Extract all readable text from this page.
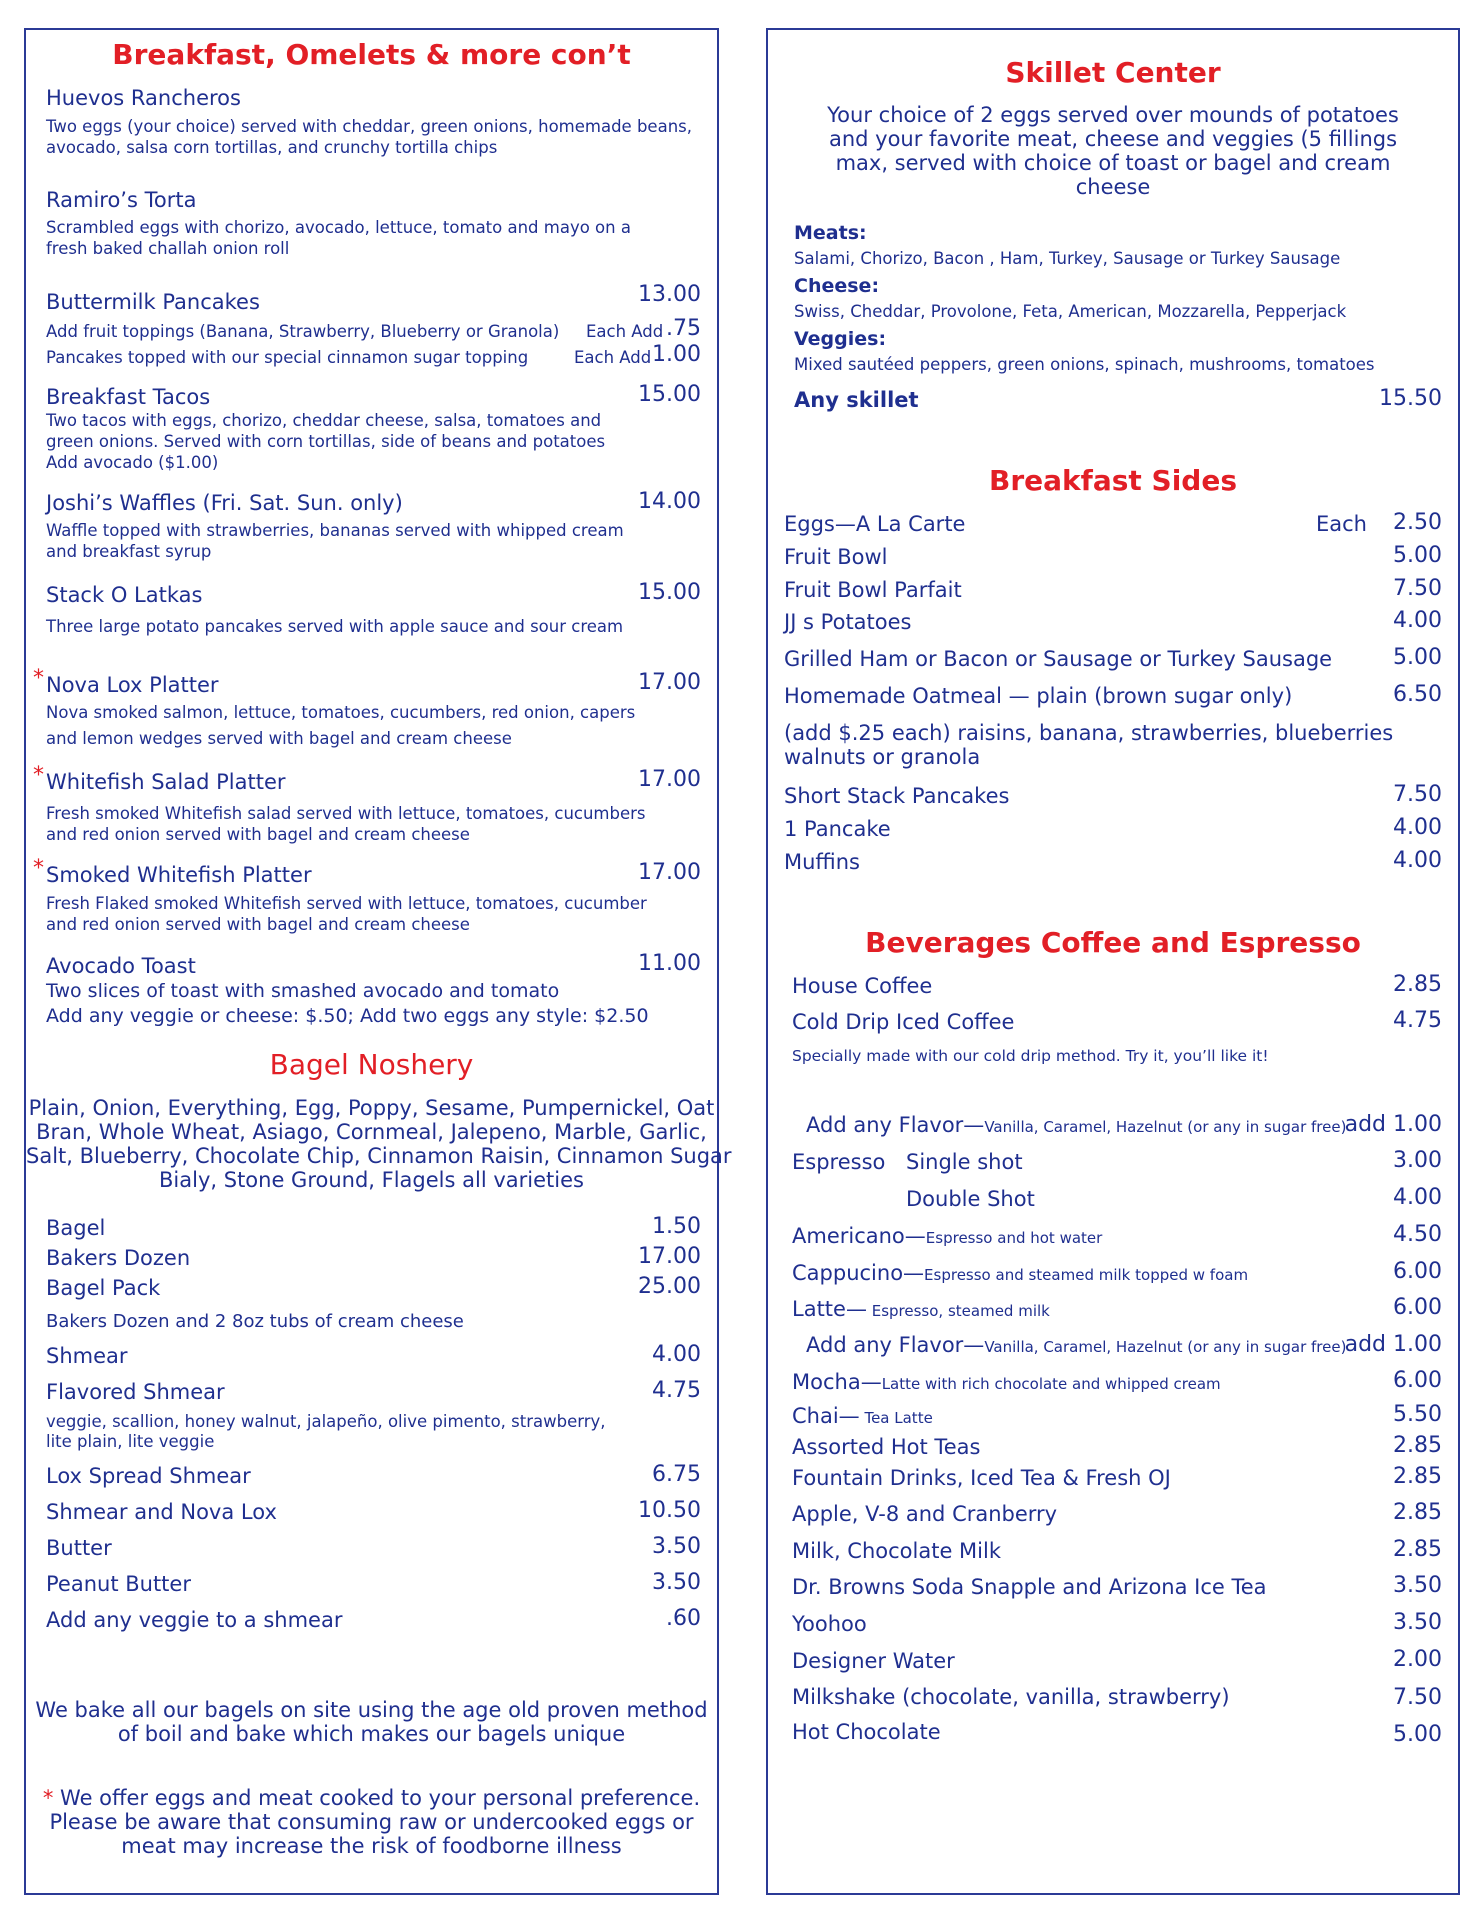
Breakfast, Omelets & more con’t
Huevos Rancheros
Two eggs (your choice) served with cheddar, green onions, homemade beans,
avocado, salsa corn tortillas, and crunchy tortilla chips
Ramiro’s Torta
Scrambled eggs with chorizo, avocado, lettuce, tomato and mayo on a
fresh baked challah onion roll
Buttermilk Pancakes	13.00
Add fruit toppings (Banana, Strawberry, Blueberry or Granola) Each Add .75
Pancakes topped with our special cinnamon sugar topping	Each Add 1.00
Breakfast Tacos	15.00
Two tacos with eggs, chorizo, cheddar cheese, salsa, tomatoes and
green onions. Served with corn tortillas, side of beans and potatoes
Add avocado ($1.00)
Joshi’s Waffles (Fri. Sat. Sun. only)	14.00
Waffle topped with strawberries, bananas served with whipped cream
and breakfast syrup
Stack O Latkas	15.00
Three large potato pancakes served with apple sauce and sour cream
* Nova Lox Platter	17.00
Nova smoked salmon, lettuce, tomatoes, cucumbers, red onion, capers
and lemon wedges served with bagel and cream cheese
* Whitefish Salad Platter	17.00
Fresh smoked Whitefish salad served with lettuce, tomatoes, cucumbers
and red onion served with bagel and cream cheese
* Smoked Whitefish Platter	17.00
Fresh Flaked smoked Whitefish served with lettuce, tomatoes, cucumber
and red onion served with bagel and cream cheese
Avocado Toast	11.00
Two slices of toast with smashed avocado and tomato
Add any veggie or cheese: $.50; Add two eggs any style: $2.50
Bagel Noshery
Plain, Onion, Everything, Egg, Poppy, Sesame, Pumpernickel, Oat
Bran, Whole Wheat, Asiago, Cornmeal, Jalepeno, Marble, Garlic,
Salt, Blueberry, Chocolate Chip, Cinnamon Raisin, Cinnamon Sugar
Bialy, Stone Ground, Flagels all varieties
Bagel	1.50
Bakers Dozen	17.00
Bagel Pack	25.00
Bakers Dozen and 2 8oz tubs of cream cheese
Shmear	4.00
Flavored Shmear	4.75
veggie, scallion, honey walnut, jalapeño, olive pimento, strawberry,
lite plain, lite veggie
Lox Spread Shmear	6.75
Shmear and Nova Lox	10.50
Butter	3.50
Peanut Butter	3.50
Add any veggie to a shmear	.60
We bake all our bagels on site using the age old proven method
of boil and bake which makes our bagels unique
* We offer eggs and meat cooked to your personal preference.
Please be aware that consuming raw or undercooked eggs or
meat may increase the risk of foodborne illness
Skillet Center
Your choice of 2 eggs served over mounds of potatoes
and your favorite meat, cheese and veggies (5 fillings
max, served with choice of toast or bagel and cream
cheese
Meats:
Salami, Chorizo, Bacon , Ham, Turkey, Sausage or Turkey Sausage
Cheese:
Swiss, Cheddar, Provolone, Feta, American, Mozzarella, Pepperjack
Veggies:
Mixed sautéed peppers, green onions, spinach, mushrooms, tomatoes
Any skillet	15.50
Breakfast Sides
Eggs—A La Carte	Each 2.50
Fruit Bowl	5.00
Fruit Bowl Parfait	7.50
JJ s Potatoes	4.00
Grilled Ham or Bacon or Sausage or Turkey Sausage	5.00
Homemade Oatmeal — plain (brown sugar only)	6.50
(add $.25 each) raisins, banana, strawberries, blueberries
walnuts or granola
Short Stack Pancakes	7.50
1 Pancake	4.00
Muffins	4.00
Beverages Coffee and Espresso
House Coffee	2.85
Cold Drip Iced Coffee	4.75
Specially made with our cold drip method. Try it, you’ll like it!
Add any Flavor—Vanilla, Caramel, Hazelnut (or any in sugar free)
add 1.00
Espresso Single shot	3.00
Double Shot	4.00
Americano—Espresso and hot water	4.50
Cappucino—Espresso and steamed milk topped w foam	6.00
Latte— Espresso, steamed milk	6.00
Add any Flavor—Vanilla, Caramel, Hazelnut (or any in sugar free)
add 1.00
Mocha—Latte with rich chocolate and whipped cream	6.00
Chai— Tea Latte	5.50
Assorted Hot Teas	2.85
Fountain Drinks, Iced Tea & Fresh OJ	2.85
Apple, V-8 and Cranberry	2.85
Milk, Chocolate Milk	2.85
Dr. Browns Soda Snapple and Arizona Ice Tea	3.50
Yoohoo	3.50
Designer Water	2.00
Milkshake (chocolate, vanilla, strawberry)	7.50
Hot Chocolate	5.00
